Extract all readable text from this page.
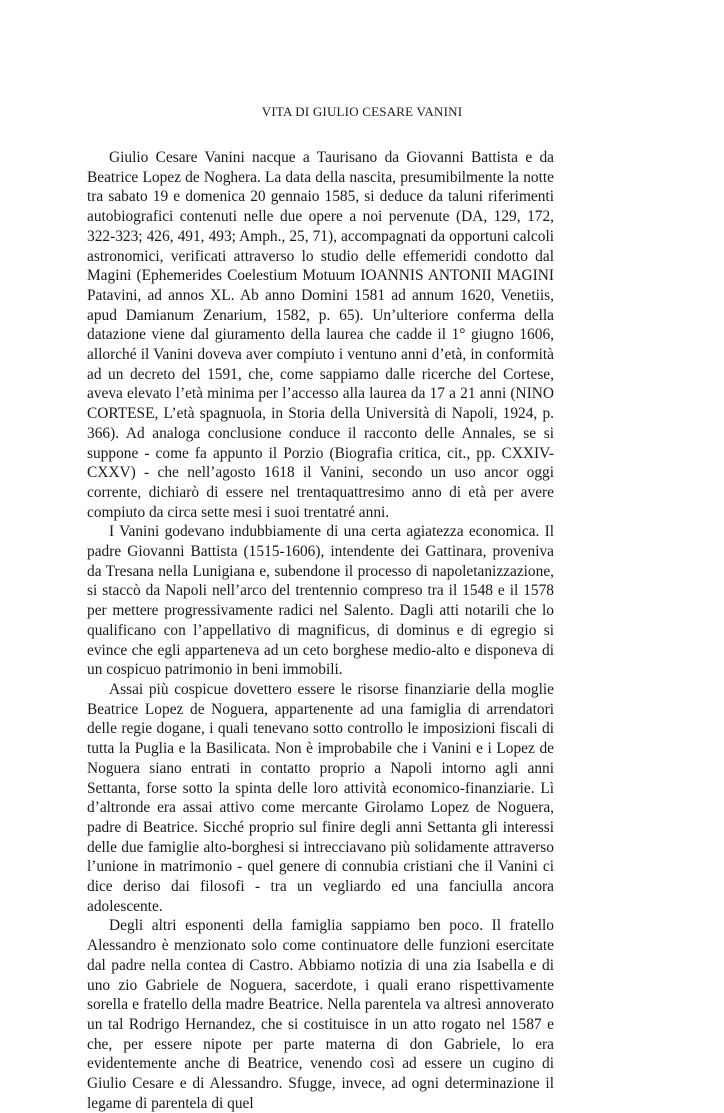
VITA DI GIULIO CESARE VANINI

Giulio Cesare Vanini nacque a Taurisano da Giovanni Battista e da Beatrice Lopez de Noghera. La data della nascita, presumibilmente la notte tra sabato 19 e domenica 20 gennaio 1585, si deduce da taluni riferimenti autobiografici contenuti nelle due opere a noi pervenute (DA, 129, 172, 322-323; 426, 491, 493; Amph., 25, 71), accompagnati da opportuni calcoli astronomici, verificati attraverso lo studio delle effemeridi condotto dal Magini (Ephemerides Coelestium Motuum IOANNIS ANTONII MAGINI Patavini, ad annos XL. Ab anno Domini 1581 ad annum 1620, Venetiis, apud Damianum Zenarium, 1582, p. 65). Un’ulteriore conferma della datazione viene dal giuramento della laurea che cadde il 1° giugno 1606, allorché il Vanini doveva aver compiuto i ventuno anni d’età, in conformità ad un decreto del 1591, che, come sappiamo dalle ricerche del Cortese, aveva elevato l’età minima per l’accesso alla laurea da 17 a 21 anni (NINO CORTESE, L’età spagnuola, in Storia della Università di Napoli, 1924, p. 366). Ad analoga conclusione conduce il racconto delle Annales, se si suppone - come fa appunto il Porzio (Biografia critica, cit., pp. CXXIV-CXXV) - che nell’agosto 1618 il Vanini, secondo un uso ancor oggi corrente, dichiarò di essere nel trentaquattresimo anno di età per avere compiuto da circa sette mesi i suoi trentatré anni.

I Vanini godevano indubbiamente di una certa agiatezza economica. Il padre Giovanni Battista (1515-1606), intendente dei Gattinara, proveniva da Tresana nella Lunigiana e, subendone il processo di napoletanizzazione, si staccò da Napoli nell’arco del trentennio compreso tra il 1548 e il 1578 per mettere progressivamente radici nel Salento. Dagli atti notarili che lo qualificano con l’appellativo di magnificus, di dominus e di egregio si evince che egli apparteneva ad un ceto borghese medio-alto e disponeva di un cospicuo patrimonio in beni immobili.

Assai più cospicue dovettero essere le risorse finanziarie della moglie Beatrice Lopez de Noguera, appartenente ad una famiglia di arrendatori delle regie dogane, i quali tenevano sotto controllo le imposizioni fiscali di tutta la Puglia e la Basilicata. Non è improbabile che i Vanini e i Lopez de Noguera siano entrati in contatto proprio a Napoli intorno agli anni Settanta, forse sotto la spinta delle loro attività economico-finanziarie. Lì d’altronde era assai attivo come mercante Girolamo Lopez de Noguera, padre di Beatrice. Sicché proprio sul finire degli anni Settanta gli interessi delle due famiglie alto-borghesi si intrecciavano più solidamente attraverso l’unione in matrimonio - quel genere di connubia cristiani che il Vanini ci dice deriso dai filosofi - tra un vegliardo ed una fanciulla ancora adolescente.

Degli altri esponenti della famiglia sappiamo ben poco. Il fratello Alessandro è menzionato solo come continuatore delle funzioni esercitate dal padre nella contea di Castro. Abbiamo notizia di una zia Isabella e di uno zio Gabriele de Noguera, sacerdote, i quali erano rispettivamente sorella e fratello della madre Beatrice. Nella parentela va altresì annoverato un tal Rodrigo Hernandez, che si costituisce in un atto rogato nel 1587 e che, per essere nipote per parte materna di don Gabriele, lo era evidentemente anche di Beatrice, venendo così ad essere un cugino di Giulio Cesare e di Alessandro. Sfugge, invece, ad ogni determinazione il legame di parentela di quel
